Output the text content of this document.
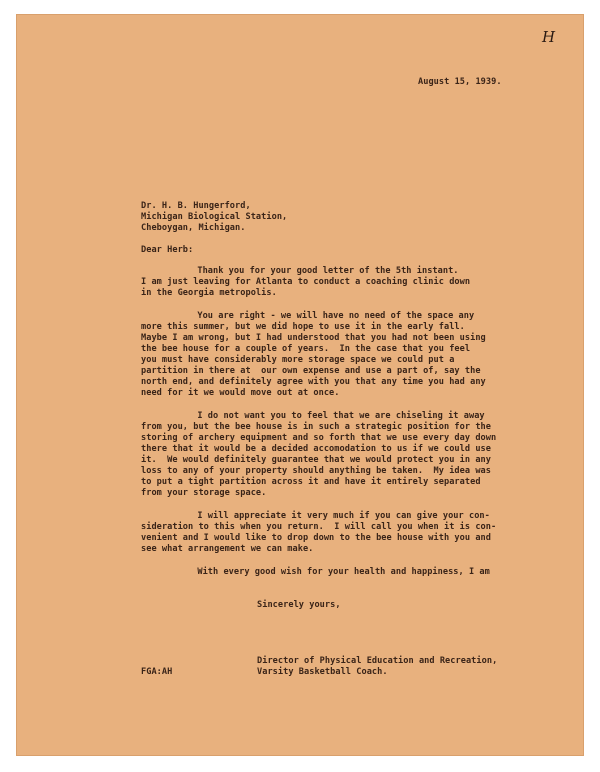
H
August 15, 1939.
Dr. H. B. Hungerford,
Michigan Biological Station,
Cheboygan, Michigan.
Dear Herb:
Thank you for your good letter of the 5th instant.
I am just leaving for Atlanta to conduct a coaching clinic down
in the Georgia metropolis.
You are right - we will have no need of the space any
more this summer, but we did hope to use it in the early fall.
Maybe I am wrong, but I had understood that you had not been using
the bee house for a couple of years.  In the case that you feel
you must have considerably more storage space we could put a
partition in there at  our own expense and use a part of, say the
north end, and definitely agree with you that any time you had any
need for it we would move out at once.
I do not want you to feel that we are chiseling it away
from you, but the bee house is in such a strategic position for the
storing of archery equipment and so forth that we use every day down
there that it would be a decided accomodation to us if we could use
it.  We would definitely guarantee that we would protect you in any
loss to any of your property should anything be taken.  My idea was
to put a tight partition across it and have it entirely separated
from your storage space.
I will appreciate it very much if you can give your con-
sideration to this when you return.  I will call you when it is con-
venient and I would like to drop down to the bee house with you and
see what arrangement we can make.
With every good wish for your health and happiness, I am
Sincerely yours,
Director of Physical Education and Recreation,
FGA:AH	Varsity Basketball Coach.
